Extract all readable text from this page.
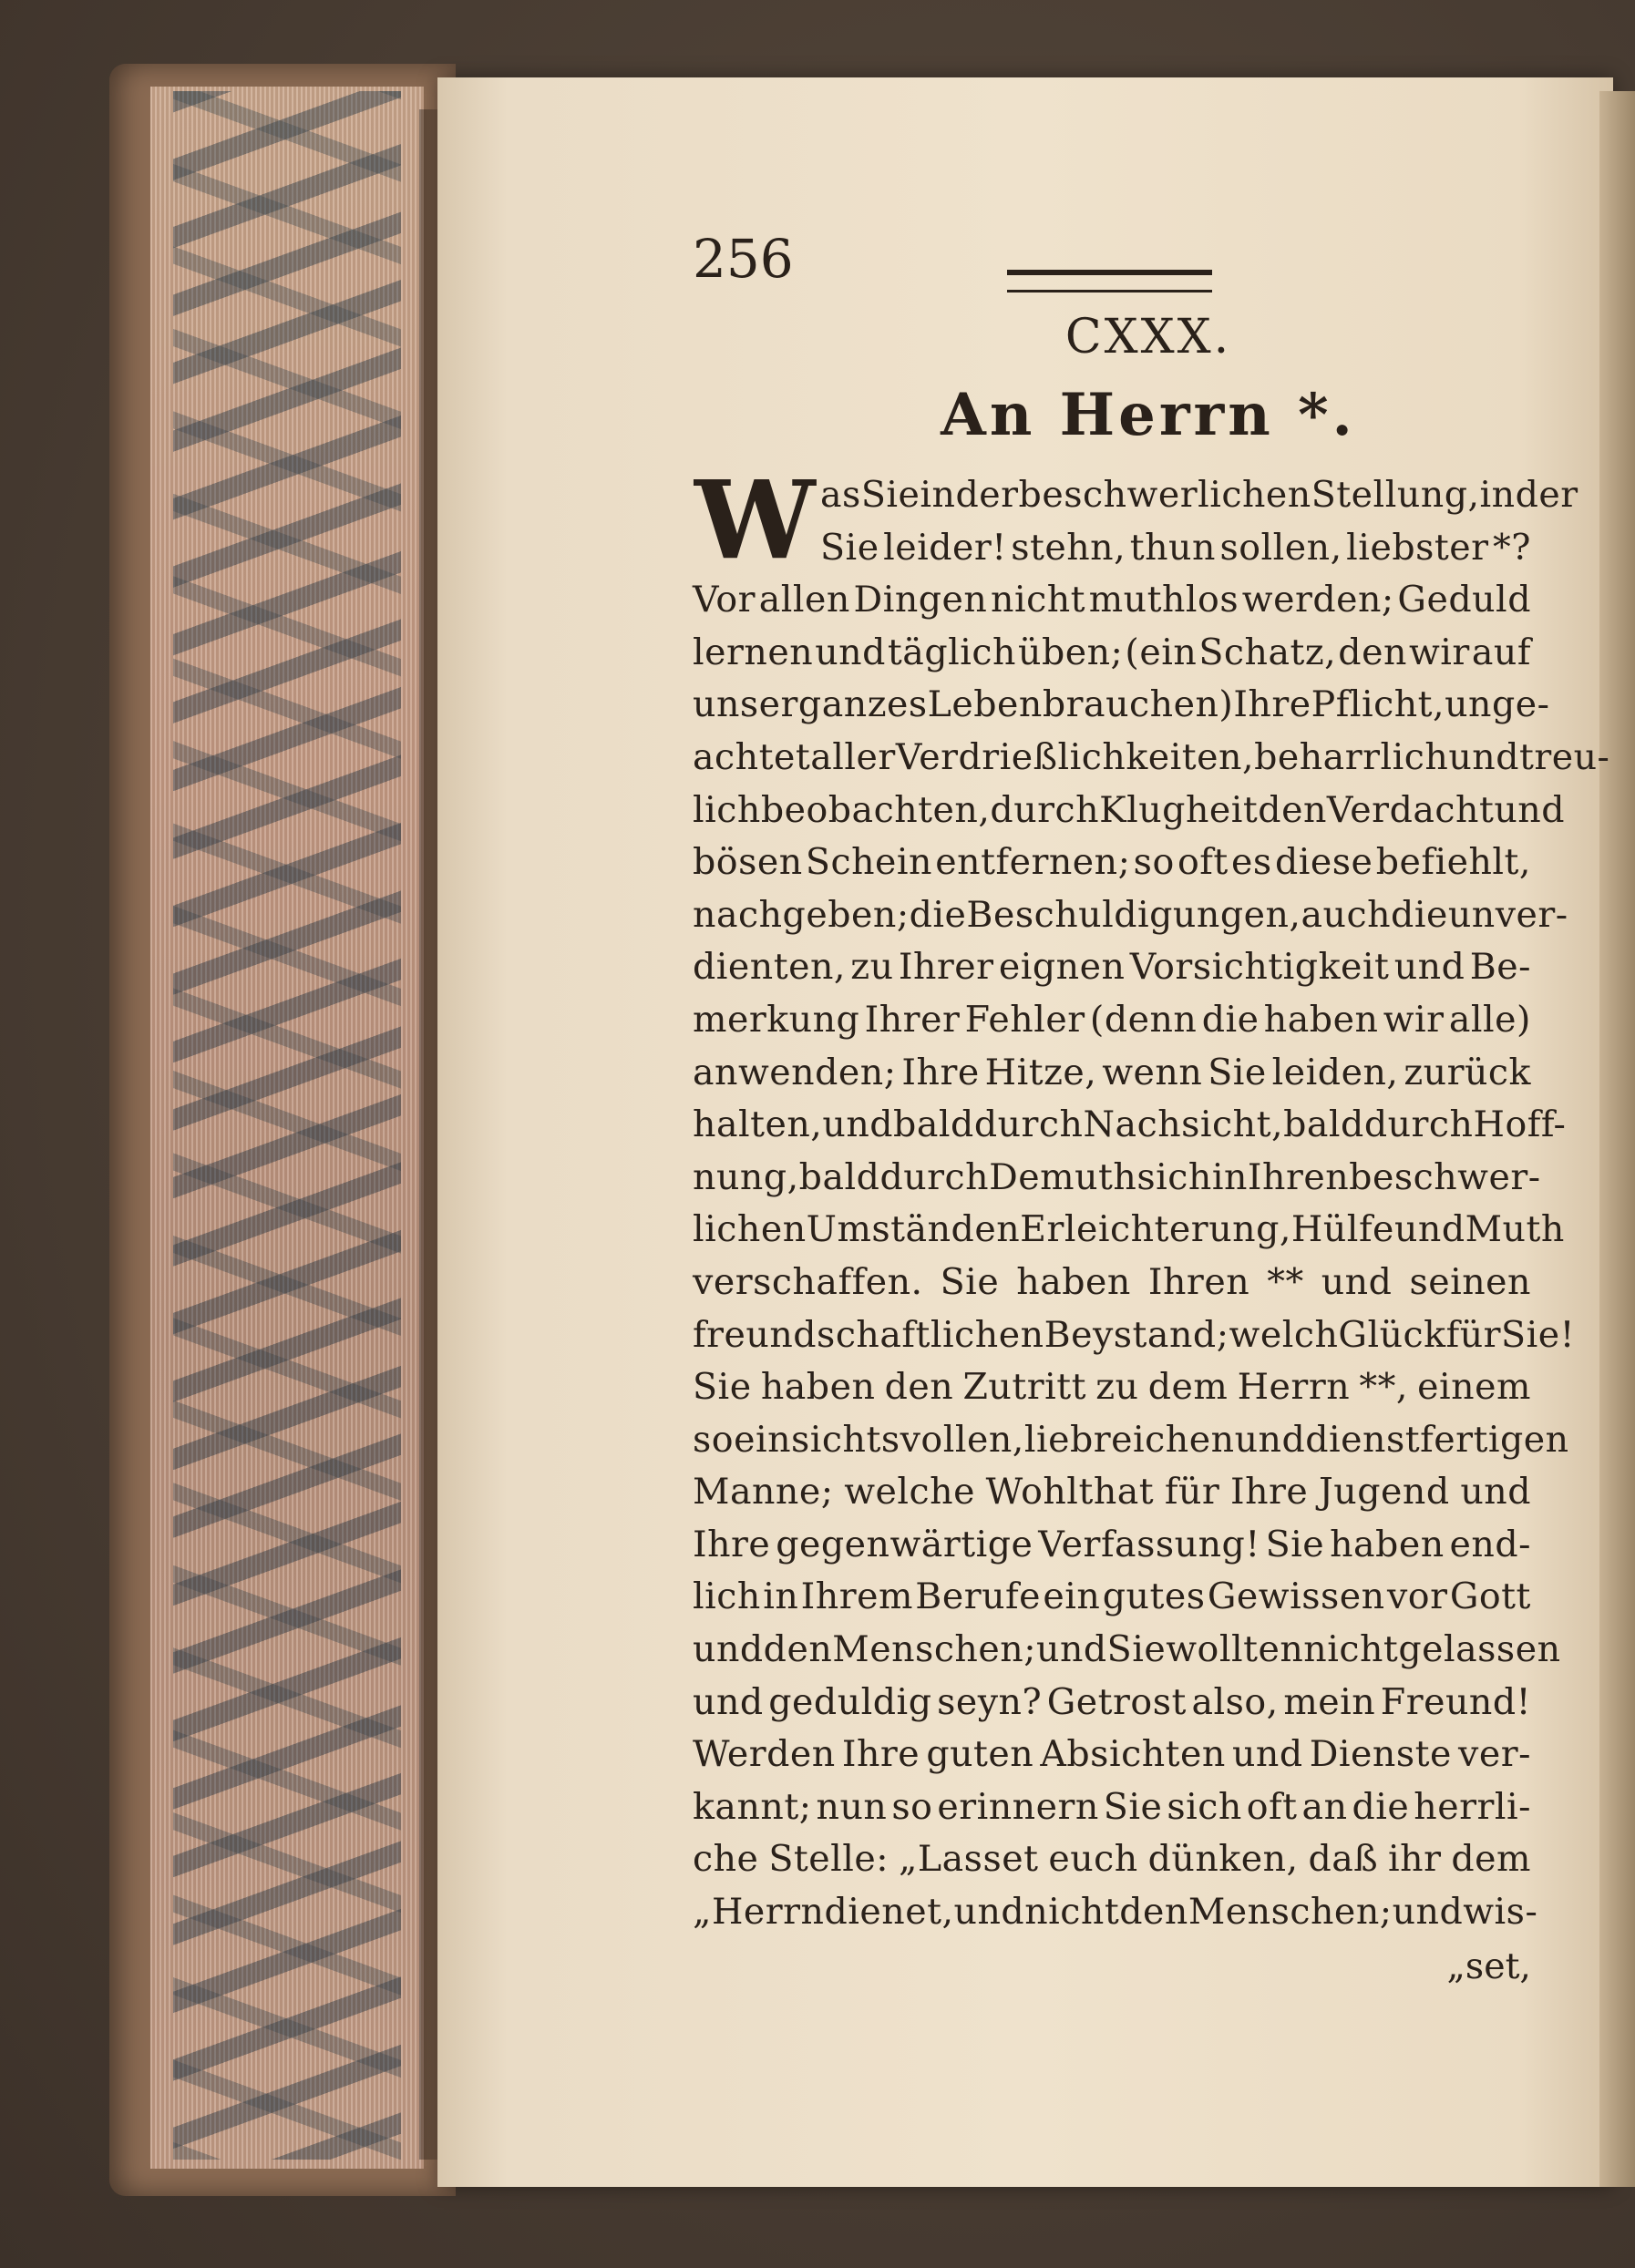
256
CXXX.
An Herrn *.
W as Sie in der beschwerlichen Stellung, in der
Sie leider! stehn, thun sollen, liebster *?
Vor allen Dingen nicht muthlos werden; Geduld
lernen und täglich üben; (ein Schatz, den wir auf
unser ganzes Leben brauchen) Ihre Pflicht, unge-
achtet aller Verdrießlichkeiten, beharrlich und treu-
lich beobachten, durch Klugheit den Verdacht und
bösen Schein entfernen; so oft es diese befiehlt,
nachgeben; die Beschuldigungen, auch die unver-
dienten, zu Ihrer eignen Vorsichtigkeit und Be-
merkung Ihrer Fehler (denn die haben wir alle)
anwenden; Ihre Hitze, wenn Sie leiden, zurück
halten, und bald durch Nachsicht, bald durch Hoff-
nung, bald durch Demuth sich in Ihren beschwer-
lichen Umständen Erleichterung, Hülfe und Muth
verschaffen. Sie haben Ihren ** und seinen
freundschaftlichen Beystand; welch Glück für Sie!
Sie haben den Zutritt zu dem Herrn **, einem
so einsichtsvollen, liebreichen und dienstfertigen
Manne; welche Wohlthat für Ihre Jugend und
Ihre gegenwärtige Verfassung! Sie haben end-
lich in Ihrem Berufe ein gutes Gewissen vor Gott
und den Menschen; und Sie wollten nicht gelassen
und geduldig seyn? Getrost also, mein Freund!
Werden Ihre guten Absichten und Dienste ver-
kannt; nun so erinnern Sie sich oft an die herrli-
che Stelle: „Lasset euch dünken, daß ihr dem
„Herrn dienet, und nicht den Menschen; und wis-
„set,
